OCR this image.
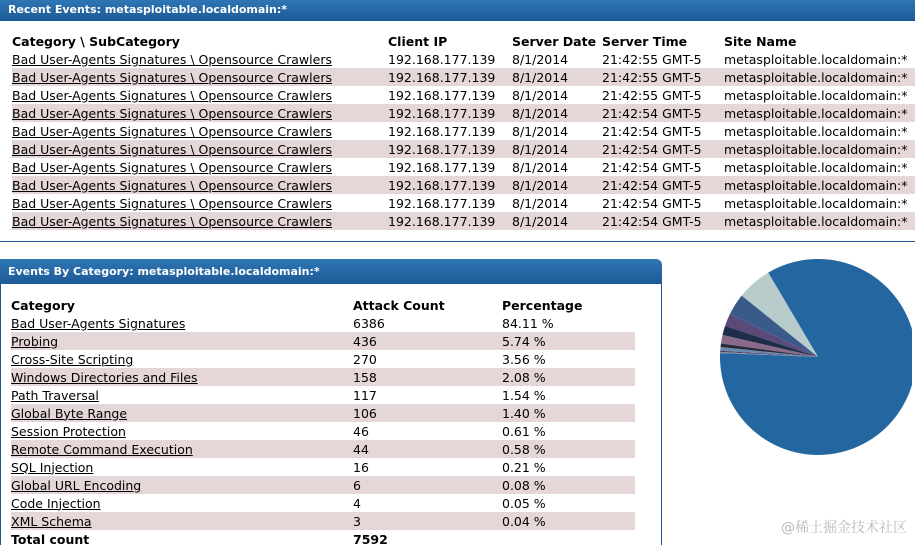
Recent Events: metasploitable.localdomain:*
Category \ SubCategory	Client IP	Server Date	Server Time	Site Name
Bad User-Agents Signatures \ Opensource Crawlers	192.168.177.139	8/1/2014	21:42:55 GMT-5	metasploitable.localdomain:*
Bad User-Agents Signatures \ Opensource Crawlers	192.168.177.139	8/1/2014	21:42:55 GMT-5	metasploitable.localdomain:*
Bad User-Agents Signatures \ Opensource Crawlers	192.168.177.139	8/1/2014	21:42:55 GMT-5	metasploitable.localdomain:*
Bad User-Agents Signatures \ Opensource Crawlers	192.168.177.139	8/1/2014	21:42:54 GMT-5	metasploitable.localdomain:*
Bad User-Agents Signatures \ Opensource Crawlers	192.168.177.139	8/1/2014	21:42:54 GMT-5	metasploitable.localdomain:*
Bad User-Agents Signatures \ Opensource Crawlers	192.168.177.139	8/1/2014	21:42:54 GMT-5	metasploitable.localdomain:*
Bad User-Agents Signatures \ Opensource Crawlers	192.168.177.139	8/1/2014	21:42:54 GMT-5	metasploitable.localdomain:*
Bad User-Agents Signatures \ Opensource Crawlers	192.168.177.139	8/1/2014	21:42:54 GMT-5	metasploitable.localdomain:*
Bad User-Agents Signatures \ Opensource Crawlers	192.168.177.139	8/1/2014	21:42:54 GMT-5	metasploitable.localdomain:*
Bad User-Agents Signatures \ Opensource Crawlers	192.168.177.139	8/1/2014	21:42:54 GMT-5	metasploitable.localdomain:*
Events By Category: metasploitable.localdomain:*
Category	Attack Count	Percentage
Bad User-Agents Signatures	6386	84.11 %
Probing	436	5.74 %
Cross-Site Scripting	270	3.56 %
Windows Directories and Files	158	2.08 %
Path Traversal	117	1.54 %
Global Byte Range	106	1.40 %
Session Protection	46	0.61 %
Remote Command Execution	44	0.58 %
SQL Injection	16	0.21 %
Global URL Encoding	6	0.08 %
Code Injection	4	0.05 %
XML Schema	3	0.04 %
Total count	7592	
@稀土掘金技术社区
